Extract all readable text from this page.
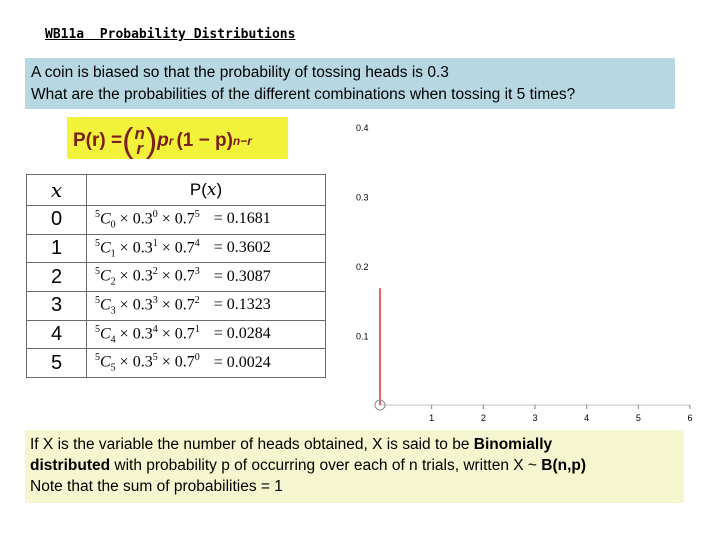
WB11a  Probability Distributions
A coin is biased so that the probability of tossing heads is 0.3
What are the probabilities of the different combinations when tossing it 5 times?
P(r) = ( n
r ) p r (1 − p) n−r
x	P(x)
0	$^5C_0 \times 0.3^0 \times 0.7^5 = 0.1681$
1	$^5C_1 \times 0.3^1 \times 0.7^4 = 0.3602$
2	$^5C_2 \times 0.3^2 \times 0.7^3 = 0.3087$
3	$^5C_3 \times 0.3^3 \times 0.7^2 = 0.1323$
4	$^5C_4 \times 0.3^4 \times 0.7^1 = 0.0284$
5	$^5C_5 \times 0.3^5 \times 0.7^0 = 0.0024$
1	2	3	4	5	6
0.1
0.2
0.3
0.4
If X is the variable the number of heads obtained, X is said to be Binomially
distributed with probability p of occurring over each of n trials, written X ~ B(n,p)
Note that the sum of probabilities = 1
